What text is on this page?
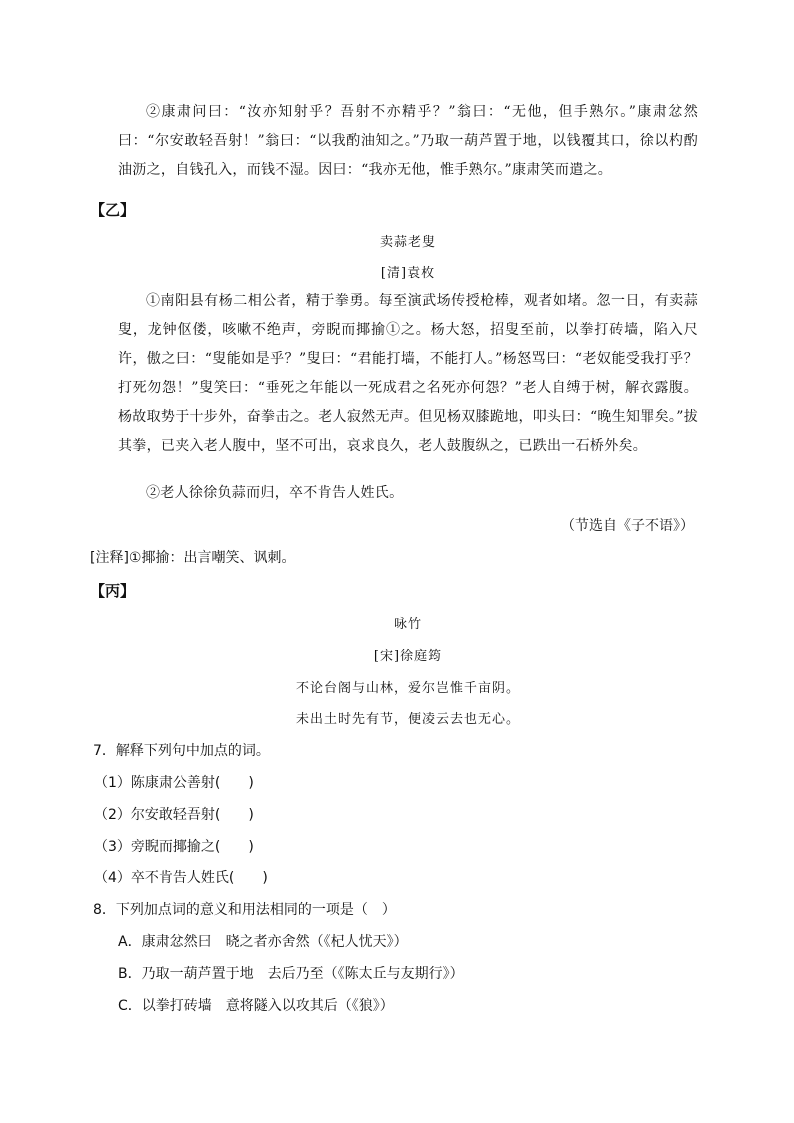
②康肃问曰：“汝亦知射乎？吾射不亦精乎？”翁曰：“无他，但手熟尔。”康肃忿然曰：“尔安敢轻吾射！”翁曰：“以我酌油知之。”乃取一葫芦置于地，以钱覆其口，徐以杓酌油沥之，自钱孔入，而钱不湿。因曰：“我亦无他，惟手熟尔。”康肃笑而遣之。
【乙】
卖蒜老叟
[清]袁枚
①南阳县有杨二相公者，精于拳勇。每至演武场传授枪棒，观者如堵。忽一日，有卖蒜叟，龙钟伛偻，咳嗽不绝声，旁睨而揶揄①之。杨大怒，招叟至前，以拳打砖墙，陷入尺许，傲之曰：“叟能如是乎？”叟曰：“君能打墙，不能打人。”杨怒骂曰：“老奴能受我打乎？打死勿怨！”叟笑曰：“垂死之年能以一死成君之名死亦何怨？”老人自缚于树，解衣露腹。杨故取势于十步外，奋拳击之。老人寂然无声。但见杨双膝跪地，叩头曰：“晚生知罪矣。”拔其拳，已夹入老人腹中，坚不可出，哀求良久，老人鼓腹纵之，已跌出一石桥外矣。
②老人徐徐负蒜而归，卒不肯告人姓氏。
（节选自《子不语》）
[注释]①揶揄：出言嘲笑、讽刺。
【丙】
咏竹
[宋]徐庭筠
不论台阁与山林，爱尔岂惟千亩阴。
未出土时先有节，便凌云去也无心。
7．解释下列句中加点的词。
（1）陈康肃公善射(　　)
（2）尔安敢轻吾射(　　)
（3）旁睨而揶揄之(　　)
（4）卒不肯告人姓氏(　　)
8．下列加点词的意义和用法相同的一项是（　）
A．康肃忿然曰　晓之者亦舍然（《杞人忧天》）
B．乃取一葫芦置于地　去后乃至（《陈太丘与友期行》）
C．以拳打砖墙　意将隧入以攻其后（《狼》）
